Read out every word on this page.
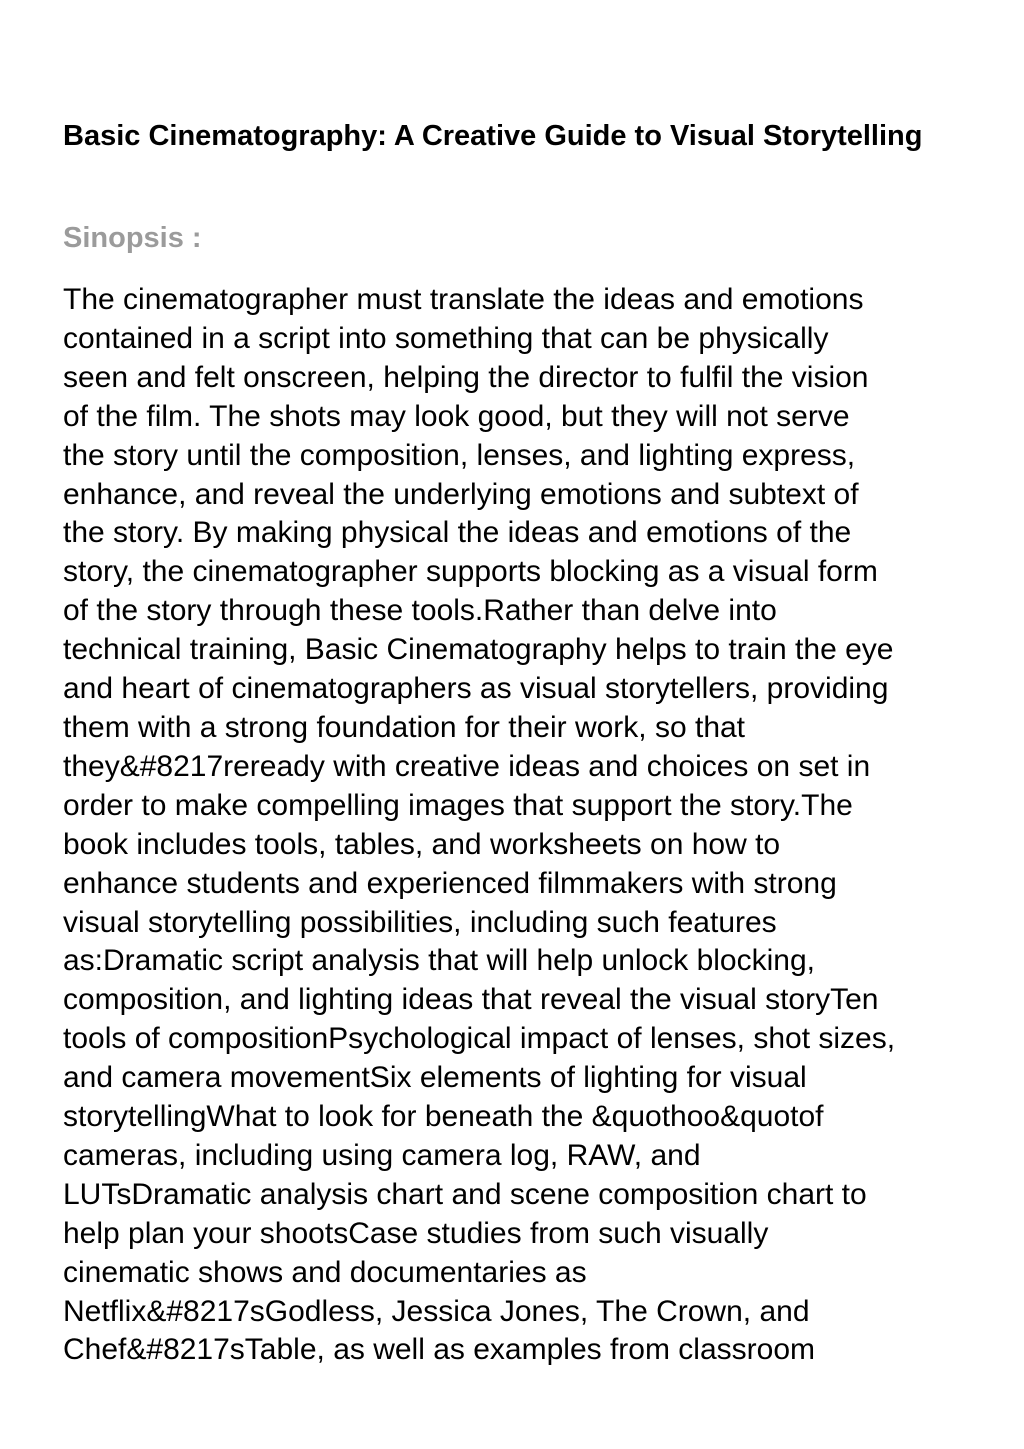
Basic Cinematography: A Creative Guide to Visual Storytelling
Sinopsis :
The cinematographer must translate the ideas and emotions
contained in a script into something that can be physically
seen and felt onscreen, helping the director to fulfil the vision
of the film. The shots may look good, but they will not serve
the story until the composition, lenses, and lighting express,
enhance, and reveal the underlying emotions and subtext of
the story. By making physical the ideas and emotions of the
story, the cinematographer supports blocking as a visual form
of the story through these tools.Rather than delve into
technical training, Basic Cinematography helps to train the eye
and heart of cinematographers as visual storytellers, providing
them with a strong foundation for their work, so that
they&#8217reready with creative ideas and choices on set in
order to make compelling images that support the story.The
book includes tools, tables, and worksheets on how to
enhance students and experienced filmmakers with strong
visual storytelling possibilities, including such features
as:Dramatic script analysis that will help unlock blocking,
composition, and lighting ideas that reveal the visual storyTen
tools of compositionPsychological impact of lenses, shot sizes,
and camera movementSix elements of lighting for visual
storytellingWhat to look for beneath the &quothoo&quotof
cameras, including using camera log, RAW, and
LUTsDramatic analysis chart and scene composition chart to
help plan your shootsCase studies from such visually
cinematic shows and documentaries as
Netflix&#8217sGodless, Jessica Jones, The Crown, and
Chef&#8217sTable, as well as examples from classroom
